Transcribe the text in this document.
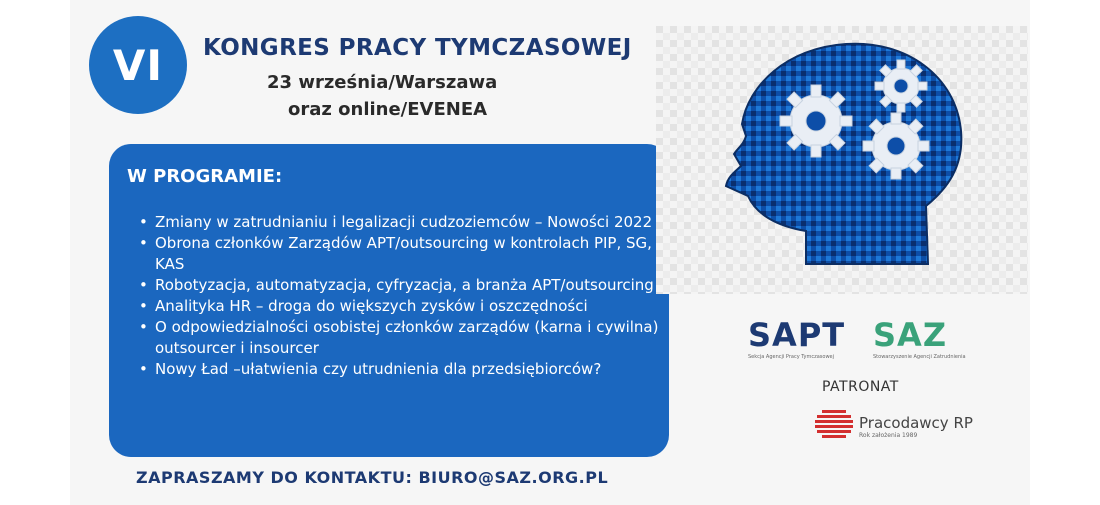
VI KONGRES PRACY TYMCZASOWEJ
23 września/Warszawa
oraz online/EVENEA
W PROGRAMIE:
• Zmiany w zatrudnianiu i legalizacji cudzoziemców – Nowości 2022
• Obrona członków Zarządów APT/outsourcing w kontrolach PIP, SG, KAS
• Robotyzacja, automatyzacja, cyfryzacja, a branża APT/outsourcing
• Analityka HR – droga do większych zysków i oszczędności
• O odpowiedzialności osobistej członków zarządów (karna i cywilna) outsourcer i insourcer
• Nowy Ład –ułatwienia czy utrudnienia dla przedsiębiorców?
ZAPRASZAMY DO KONTAKTU: BIURO@SAZ.ORG.PL
SAPT
Sekcja Agencji Pracy Tymczasowej
SAZ
Stowarzyszenie Agencji Zatrudnienia
PATRONAT
Pracodawcy RP
Rok założenia 1989
